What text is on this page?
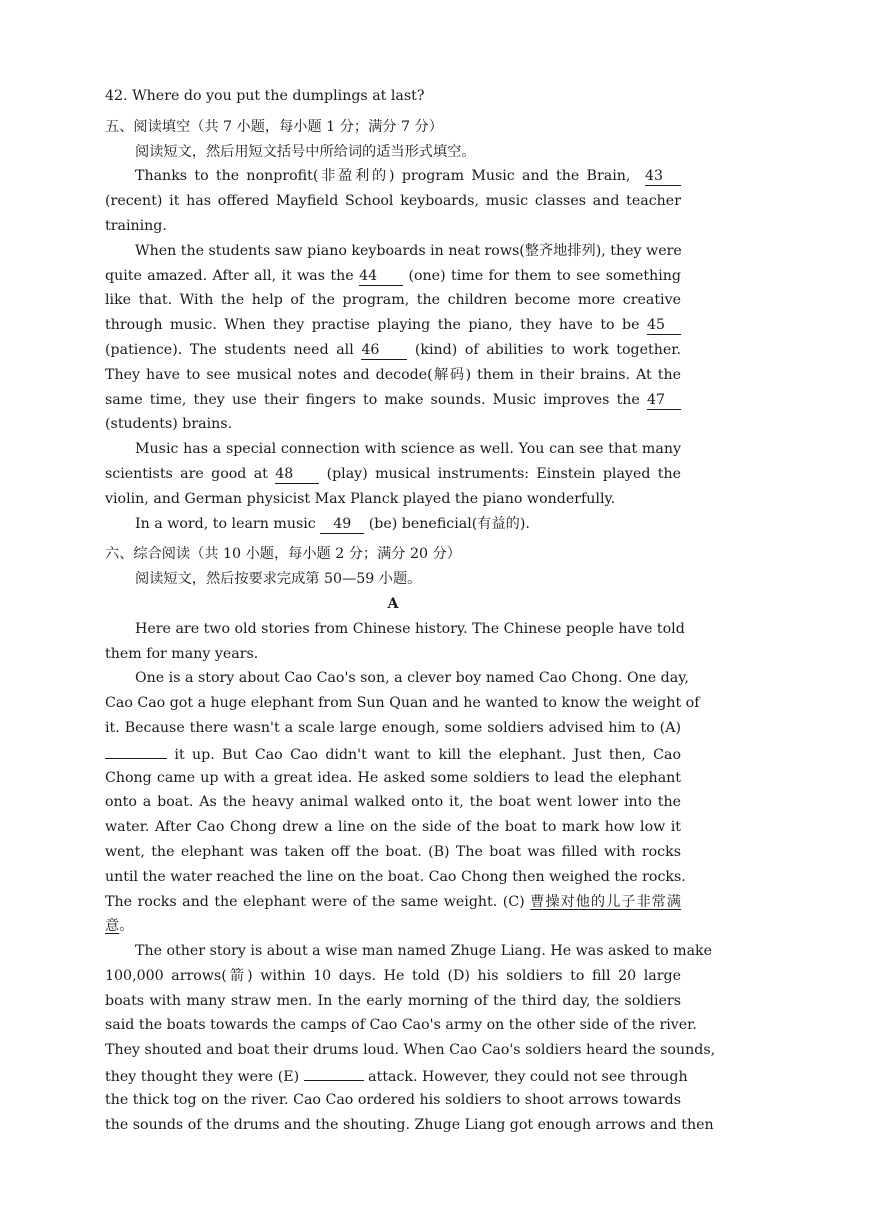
42. Where do you put the dumplings at last?
五、阅读填空（共 7 小题，每小题 1 分；满分 7 分）
阅读短文，然后用短文括号中所给词的适当形式填空。
Thanks to the nonprofit(非盈利的) program Music and the Brain, 43
(recent) it has offered Mayfield School keyboards, music classes and teacher
training.
When the students saw piano keyboards in neat rows(整齐地排列), they were
quite amazed. After all, it was the 44 (one) time for them to see something
like that. With the help of the program, the children become more creative
through music. When they practise playing the piano, they have to be 45
(patience). The students need all 46	(kind) of abilities to work together.
They have to see musical notes and decode(解码) them in their brains. At the
same time, they use their fingers to make sounds. Music improves the 47
(students) brains.
Music has a special connection with science as well. You can see that many
scientists are good at 48 (play) musical instruments: Einstein played the
violin, and German physicist Max Planck played the piano wonderfully.
In a word, to learn music 49 (be) beneficial(有益的).
六、综合阅读（共 10 小题，每小题 2 分；满分 20 分）
阅读短文，然后按要求完成第 50—59 小题。
A
Here are two old stories from Chinese history. The Chinese people have told
them for many years.
One is a story about Cao Cao's son, a clever boy named Cao Chong. One day,
Cao Cao got a huge elephant from Sun Quan and he wanted to know the weight of
it. Because there wasn't a scale large enough, some soldiers advised him to (A)
it up. But Cao Cao didn't want to kill the elephant. Just then, Cao
Chong came up with a great idea. He asked some soldiers to lead the elephant
onto a boat. As the heavy animal walked onto it, the boat went lower into the
water. After Cao Chong drew a line on the side of the boat to mark how low it
went, the elephant was taken off the boat. (B) The boat was filled with rocks
until the water reached the line on the boat. Cao Chong then weighed the rocks.
The rocks and the elephant were of the same weight. (C) 曹操对他的儿子非常满
意。
The other story is about a wise man named Zhuge Liang. He was asked to make
100,000 arrows(箭) within 10 days. He told (D) his soldiers to fill 20 large
boats with many straw men. In the early morning of the third day, the soldiers
said the boats towards the camps of Cao Cao's army on the other side of the river.
They shouted and boat their drums loud. When Cao Cao's soldiers heard the sounds,
they thought they were (E)	attack. However, they could not see through
the thick tog on the river. Cao Cao ordered his soldiers to shoot arrows towards
the sounds of the drums and the shouting. Zhuge Liang got enough arrows and then
